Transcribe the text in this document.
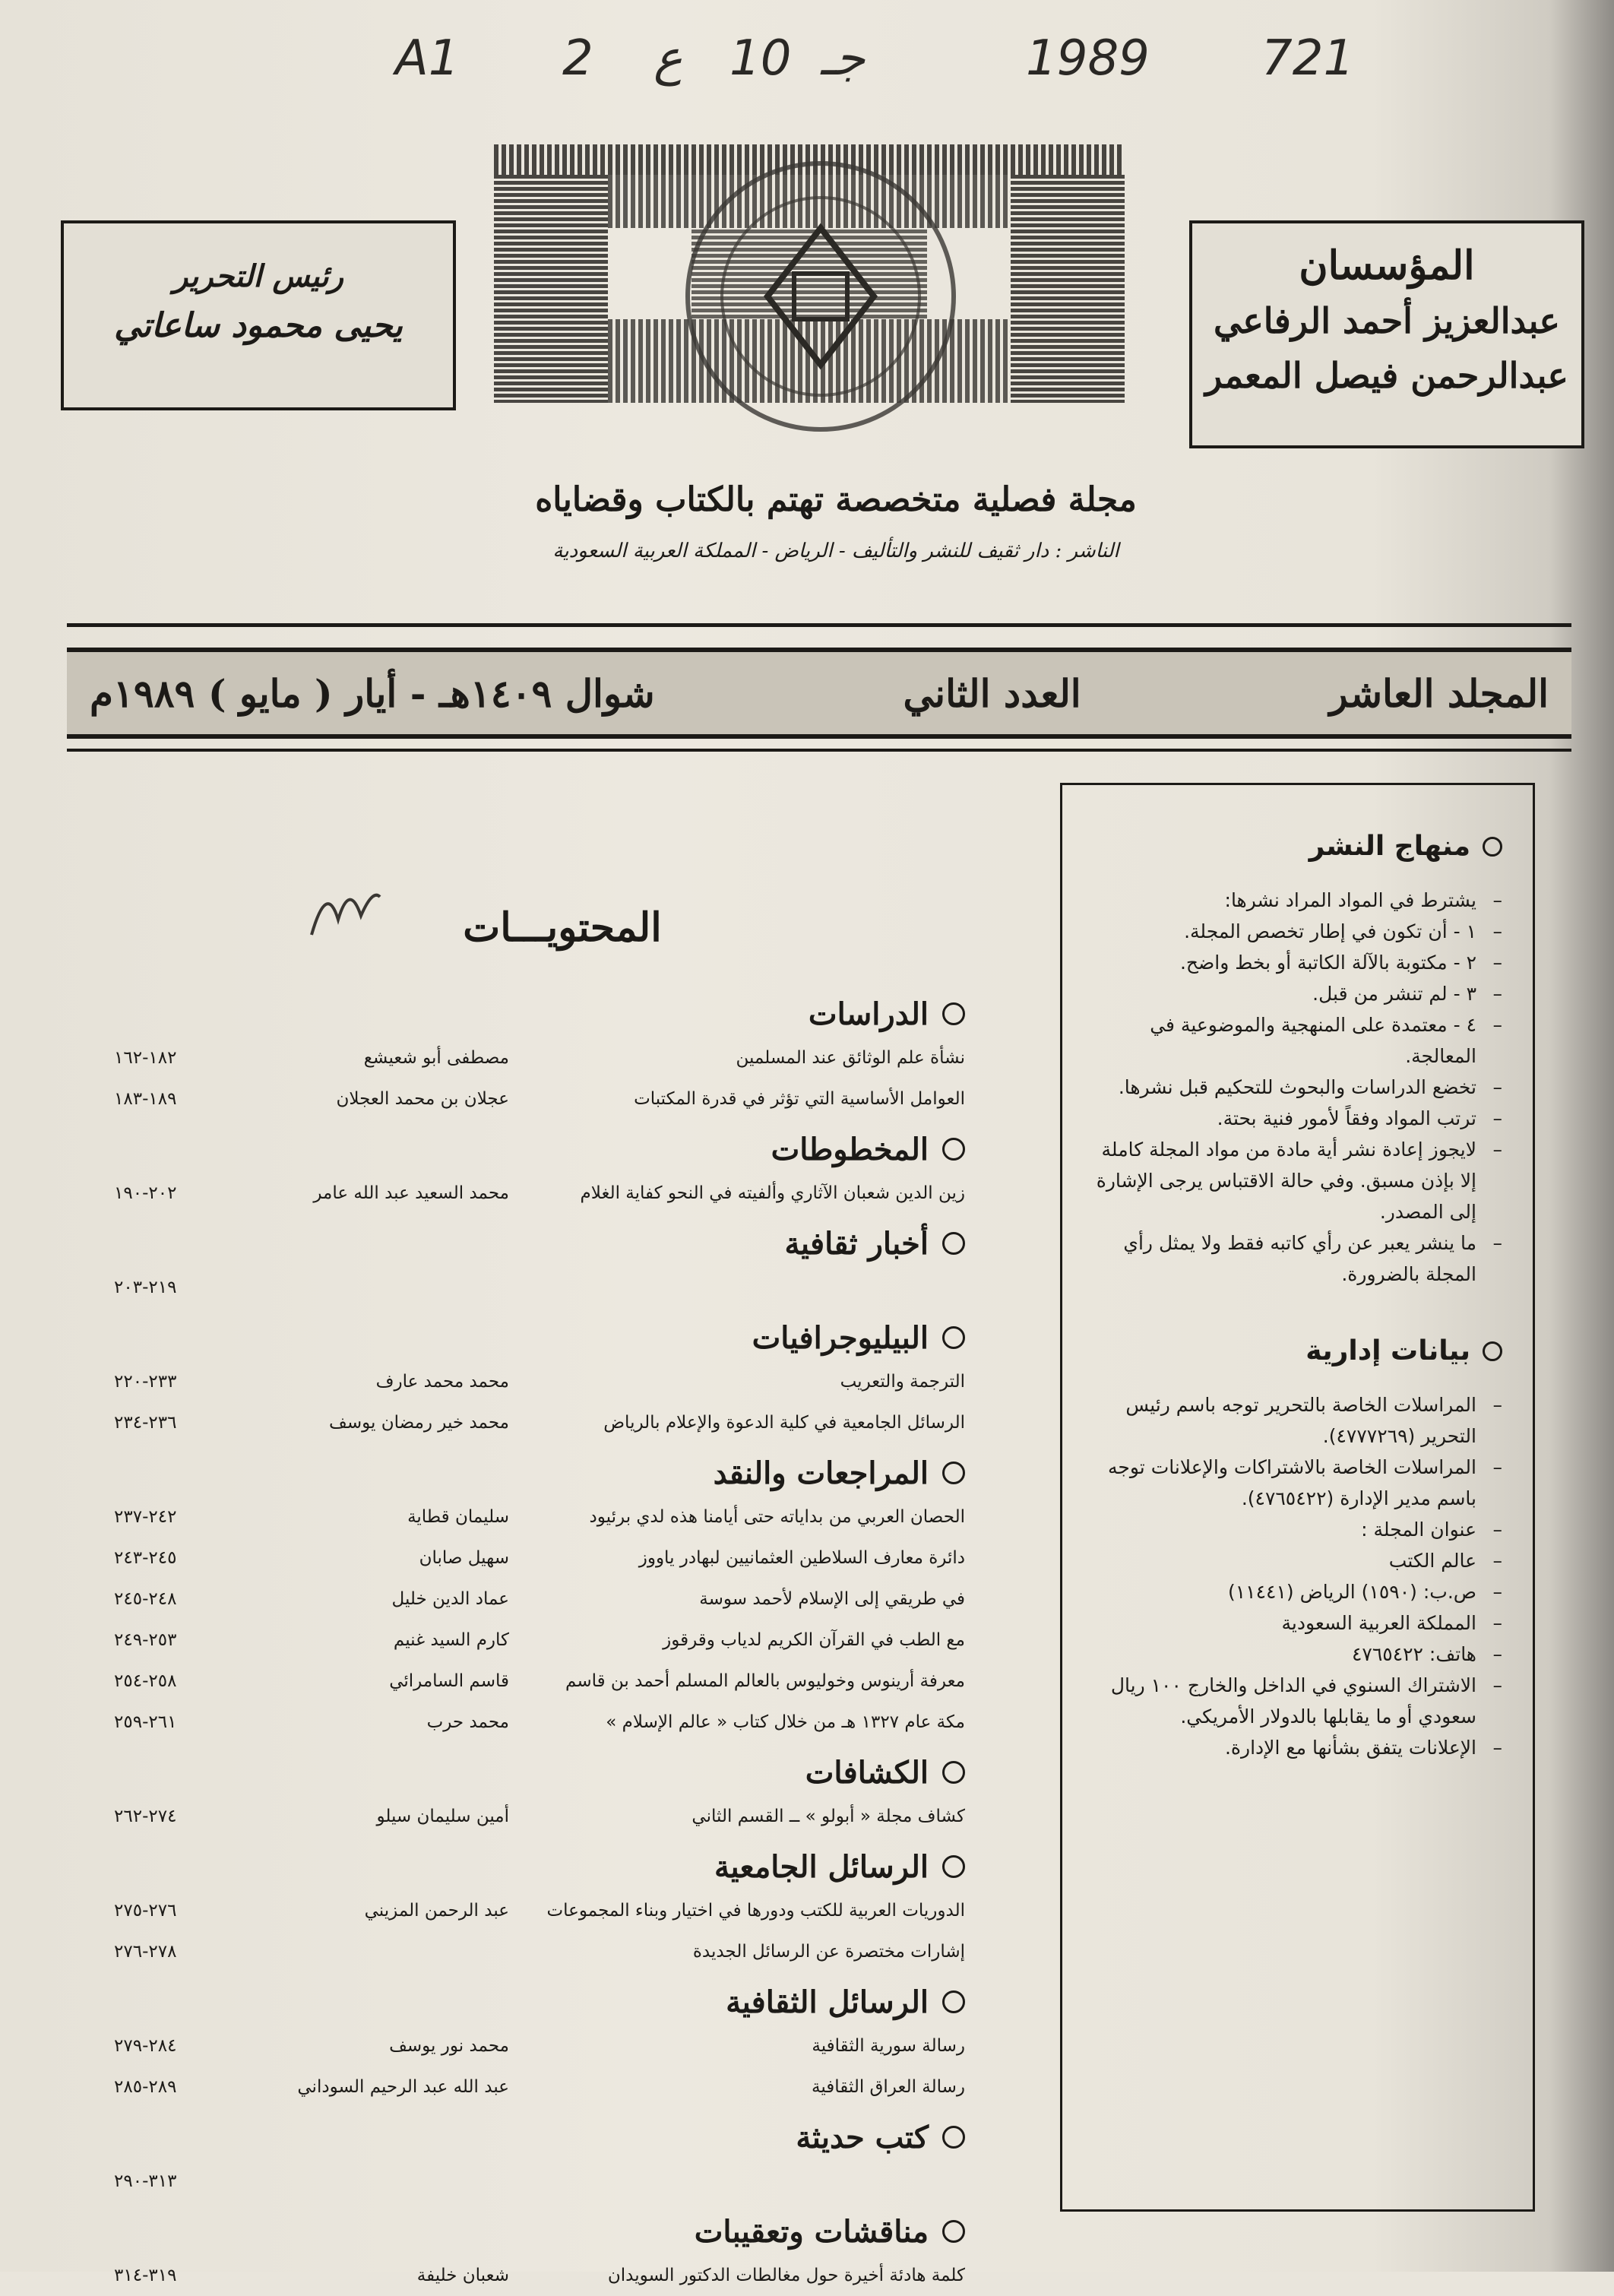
A1 2 ع 10 جـ	1989 721
المؤسسان
عبدالعزيز أحمد الرفاعي
عبدالرحمن فيصل المعمر
رئيس التحرير
يحيى محمود ساعاتي
مجلة فصلية متخصصة تهتم بالكتاب وقضاياه
الناشر : دار ثقيف للنشر والتأليف - الرياض - المملكة العربية السعودية
المجلد العاشر
العدد الثاني
شوال ١٤٠٩هـ - أيار ( مايو ) ١٩٨٩م
منهاج النشر

– يشترط في المواد المراد نشرها:

– ١ - أن تكون في إطار تخصص المجلة.

– ٢ - مكتوبة بالآلة الكاتبة أو بخط واضح.

– ٣ - لم تنشر من قبل.

– ٤ - معتمدة على المنهجية والموضوعية في المعالجة.

– تخضع الدراسات والبحوث للتحكيم قبل نشرها.

– ترتب المواد وفقاً لأمور فنية بحتة.

– لايجوز إعادة نشر أية مادة من مواد المجلة كاملة إلا بإذن مسبق. وفي حالة الاقتباس يرجى الإشارة إلى المصدر.

– ما ينشر يعبر عن رأي كاتبه فقط ولا يمثل رأي المجلة بالضرورة.

بيانات إدارية

– المراسلات الخاصة بالتحرير توجه باسم رئيس التحرير (٤٧٧٧٢٦٩).

– المراسلات الخاصة بالاشتراكات والإعلانات توجه باسم مدير الإدارة (٤٧٦٥٤٢٢).

– عنوان المجلة :

– عالم الكتب

– ص.ب: (١٥٩٠) الرياض (١١٤٤١)

– المملكة العربية السعودية

– هاتف: ٤٧٦٥٤٢٢

– الاشتراك السنوي في الداخل والخارج ١٠٠ ريال سعودي أو ما يقابلها بالدولار الأمريكي.

– الإعلانات يتفق بشأنها مع الإدارة.

المحتويـــات
الدراسات
نشأة علم الوثائق عند المسلمين
مصطفى أبو شعيشع
١٨٢-١٦٢
العوامل الأساسية التي تؤثر في قدرة المكتبات
عجلان بن محمد العجلان
١٨٩-١٨٣
المخطوطات
زين الدين شعبان الآثاري وألفيته في النحو كفاية الغلام
محمد السعيد عبد الله عامر
٢٠٢-١٩٠
أخبار ثقافية
٢١٩-٢٠٣
البيليوجرافيات
الترجمة والتعريب
محمد محمد عارف
٢٣٣-٢٢٠
الرسائل الجامعية في كلية الدعوة والإعلام بالرياض
محمد خير رمضان يوسف
٢٣٦-٢٣٤
المراجعات والنقد
الحصان العربي من بداياته حتى أيامنا هذه لدي برئيود
سليمان قطاية
٢٤٢-٢٣٧
دائرة معارف السلاطين العثمانيين لبهادر ياووز
سهيل صابان
٢٤٥-٢٤٣
في طريقي إلى الإسلام لأحمد سوسة
عماد الدين خليل
٢٤٨-٢٤٥
مع الطب في القرآن الكريم لدياب وقرقوز
كارم السيد غنيم
٢٥٣-٢٤٩
معرفة أرينوس وخوليوس بالعالم المسلم أحمد بن قاسم
قاسم السامرائي
٢٥٨-٢٥٤
مكة عام ١٣٢٧ هـ من خلال كتاب « عالم الإسلام »
محمد حرب
٢٦١-٢٥٩
الكشافات
كشاف مجلة « أبولو » ــ القسم الثاني
أمين سليمان سيلو
٢٧٤-٢٦٢
الرسائل الجامعية
الدوريات العربية للكتب ودورها في اختيار وبناء المجموعات
عبد الرحمن المزيني
٢٧٦-٢٧٥
إشارات مختصرة عن الرسائل الجديدة
٢٧٨-٢٧٦
الرسائل الثقافية
رسالة سورية الثقافية
محمد نور يوسف
٢٨٤-٢٧٩
رسالة العراق الثقافية
عبد الله عبد الرحيم السوداني
٢٨٩-٢٨٥
كتب حديثة
٣١٣-٢٩٠
مناقشات وتعقيبات
كلمة هادئة أخيرة حول مغالطات الدكتور السويدان
شعبان خليفة
٣١٩-٣١٤
